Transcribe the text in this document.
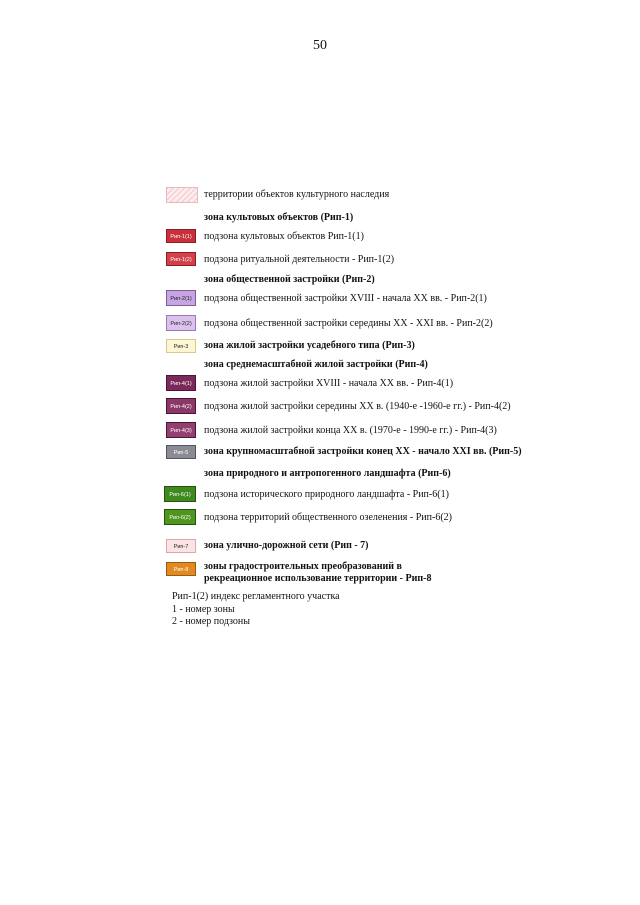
50
территории объектов культурного наследия
зона культовых объектов (Рип-1)
Рип-1(1)	подзона культовых объектов Рип-1(1)
Рип-1(2)	подзона ритуальной деятельности - Рип-1(2)
зона общественной застройки (Рип-2)
Рип-2(1)	подзона общественной застройки XVIII - начала XX вв. - Рип-2(1)
Рип-2(2)	подзона общественной застройки середины XX - XXI вв. - Рип-2(2)
Рип-3	зона жилой застройки усадебного типа (Рип-3)
зона среднемасштабной жилой застройки (Рип-4)
Рип-4(1)	подзона жилой застройки XVIII - начала XX вв. - Рип-4(1)
Рип-4(2)	подзона жилой застройки середины XX в. (1940-е -1960-е гг.) - Рип-4(2)
Рип-4(3)	подзона жилой застройки конца XX в. (1970-е - 1990-е гг.) - Рип-4(3)
Рип-5	зона крупномасштабной застройки конец XX - начало XXI вв. (Рип-5)
зона природного и антропогенного ландшафта (Рип-6)
Рип-6(1)	подзона исторического природного ландшафта - Рип-6(1)
Рип-6(2)	подзона территорий общественного озеленения - Рип-6(2)
Рип-7	зона улично-дорожной сети (Рип - 7)
Рип-8	зоны градостроительных преобразований в
рекреационное использование территории - Рип-8
Рип-1(2) индекс регламентного участка
1 - номер зоны
2 - номер подзоны
